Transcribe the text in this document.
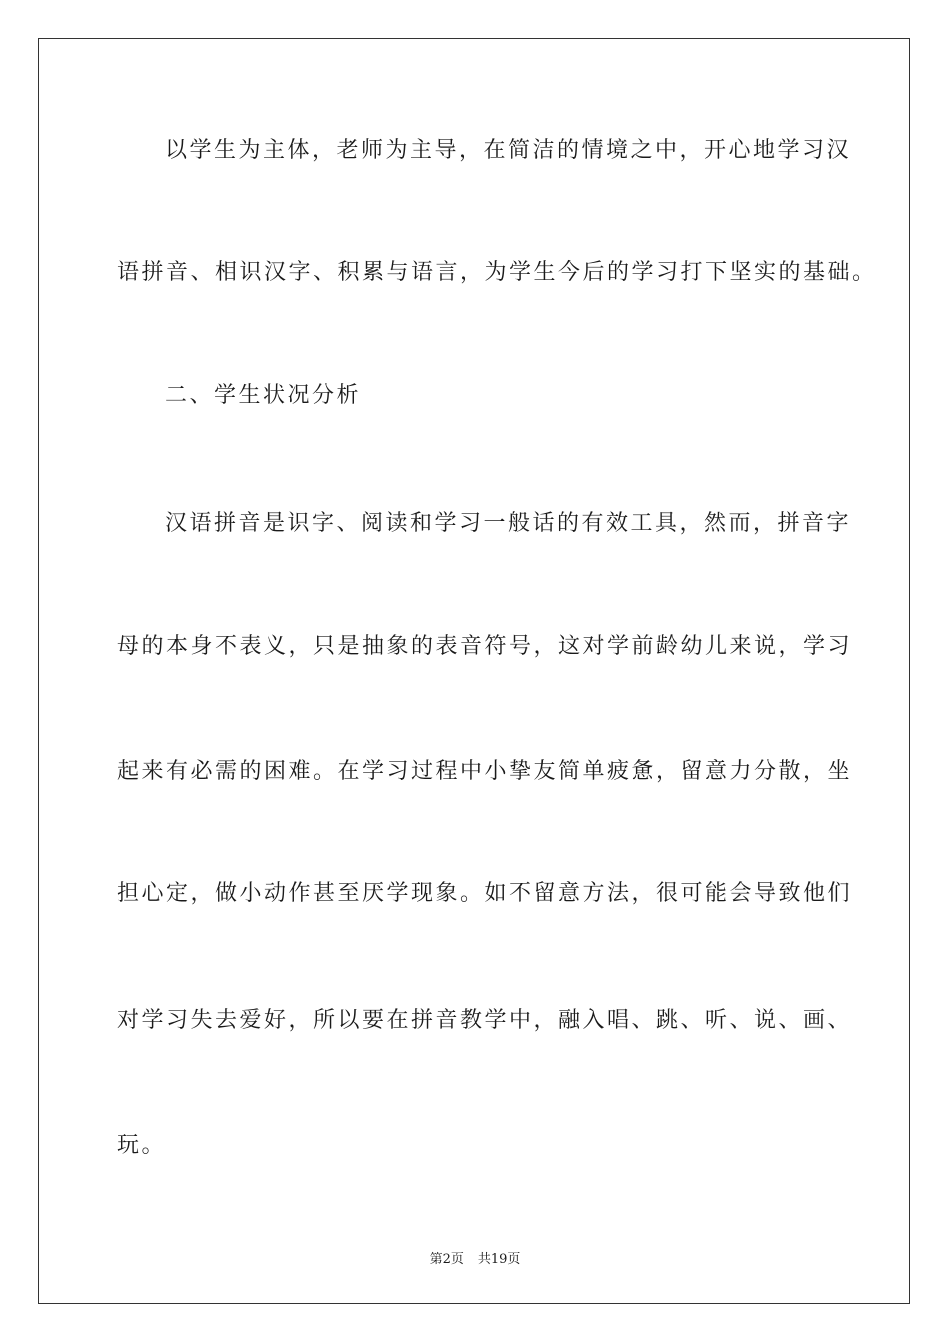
以学生为主体，老师为主导，在简洁的情境之中，开心地学习汉

语拼音、相识汉字、积累与语言，为学生今后的学习打下坚实的基础。

二、学生状况分析

汉语拼音是识字、阅读和学习一般话的有效工具，然而，拼音字

母的本身不表义，只是抽象的表音符号，这对学前龄幼儿来说，学习

起来有必需的困难。在学习过程中小挚友简单疲惫，留意力分散，坐

担心定，做小动作甚至厌学现象。如不留意方法，很可能会导致他们

对学习失去爱好，所以要在拼音教学中，融入唱、跳、听、说、画、

玩。

第2页 共19页
